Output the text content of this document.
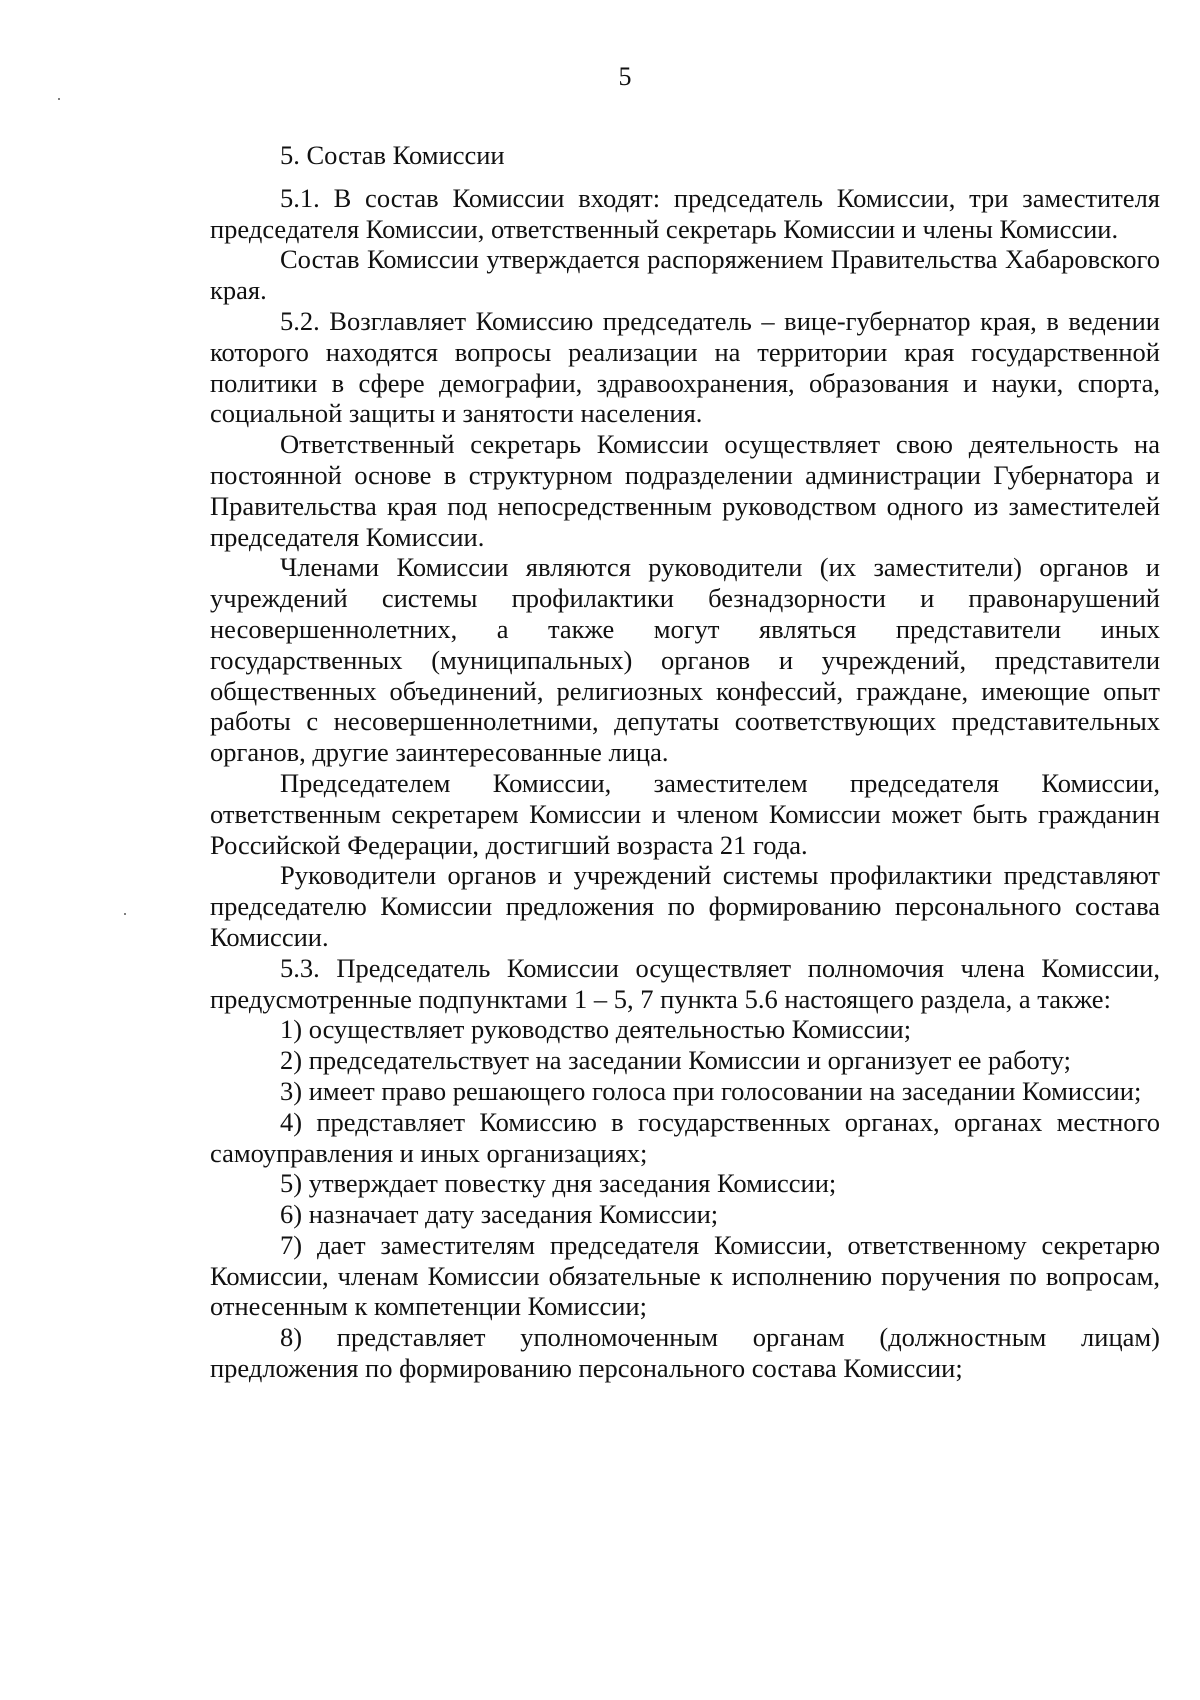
5

5. Состав Комиссии

5.1. В состав Комиссии входят: председатель Комиссии, три заместителя председателя Комиссии, ответственный секретарь Комиссии и члены Комиссии.

Состав Комиссии утверждается распоряжением Правительства Хабаровского края.

5.2. Возглавляет Комиссию председатель – вице-губернатор края, в ведении которого находятся вопросы реализации на территории края государственной политики в сфере демографии, здравоохранения, образования и науки, спорта, социальной защиты и занятости населения.

Ответственный секретарь Комиссии осуществляет свою деятельность на постоянной основе в структурном подразделении администрации Губернатора и Правительства края под непосредственным руководством одного из заместителей председателя Комиссии.

Членами Комиссии являются руководители (их заместители) органов и учреждений системы профилактики безнадзорности и правонарушений несовершеннолетних, а также могут являться представители иных государственных (муниципальных) органов и учреждений, представители общественных объединений, религиозных конфессий, граждане, имеющие опыт работы с несовершеннолетними, депутаты соответствующих представительных органов, другие заинтересованные лица.

Председателем Комиссии, заместителем председателя Комиссии, ответственным секретарем Комиссии и членом Комиссии может быть гражданин Российской Федерации, достигший возраста 21 года.

Руководители органов и учреждений системы профилактики представляют председателю Комиссии предложения по формированию персонального состава Комиссии.

5.3. Председатель Комиссии осуществляет полномочия члена Комиссии, предусмотренные подпунктами 1 – 5, 7 пункта 5.6 настоящего раздела, а также:

1) осуществляет руководство деятельностью Комиссии;

2) председательствует на заседании Комиссии и организует ее работу;

3) имеет право решающего голоса при голосовании на заседании Комиссии;

4) представляет Комиссию в государственных органах, органах местного самоуправления и иных организациях;

5) утверждает повестку дня заседания Комиссии;

6) назначает дату заседания Комиссии;

7) дает заместителям председателя Комиссии, ответственному секретарю Комиссии, членам Комиссии обязательные к исполнению поручения по вопросам, отнесенным к компетенции Комиссии;

8) представляет уполномоченным органам (должностным лицам) предложения по формированию персонального состава Комиссии;
